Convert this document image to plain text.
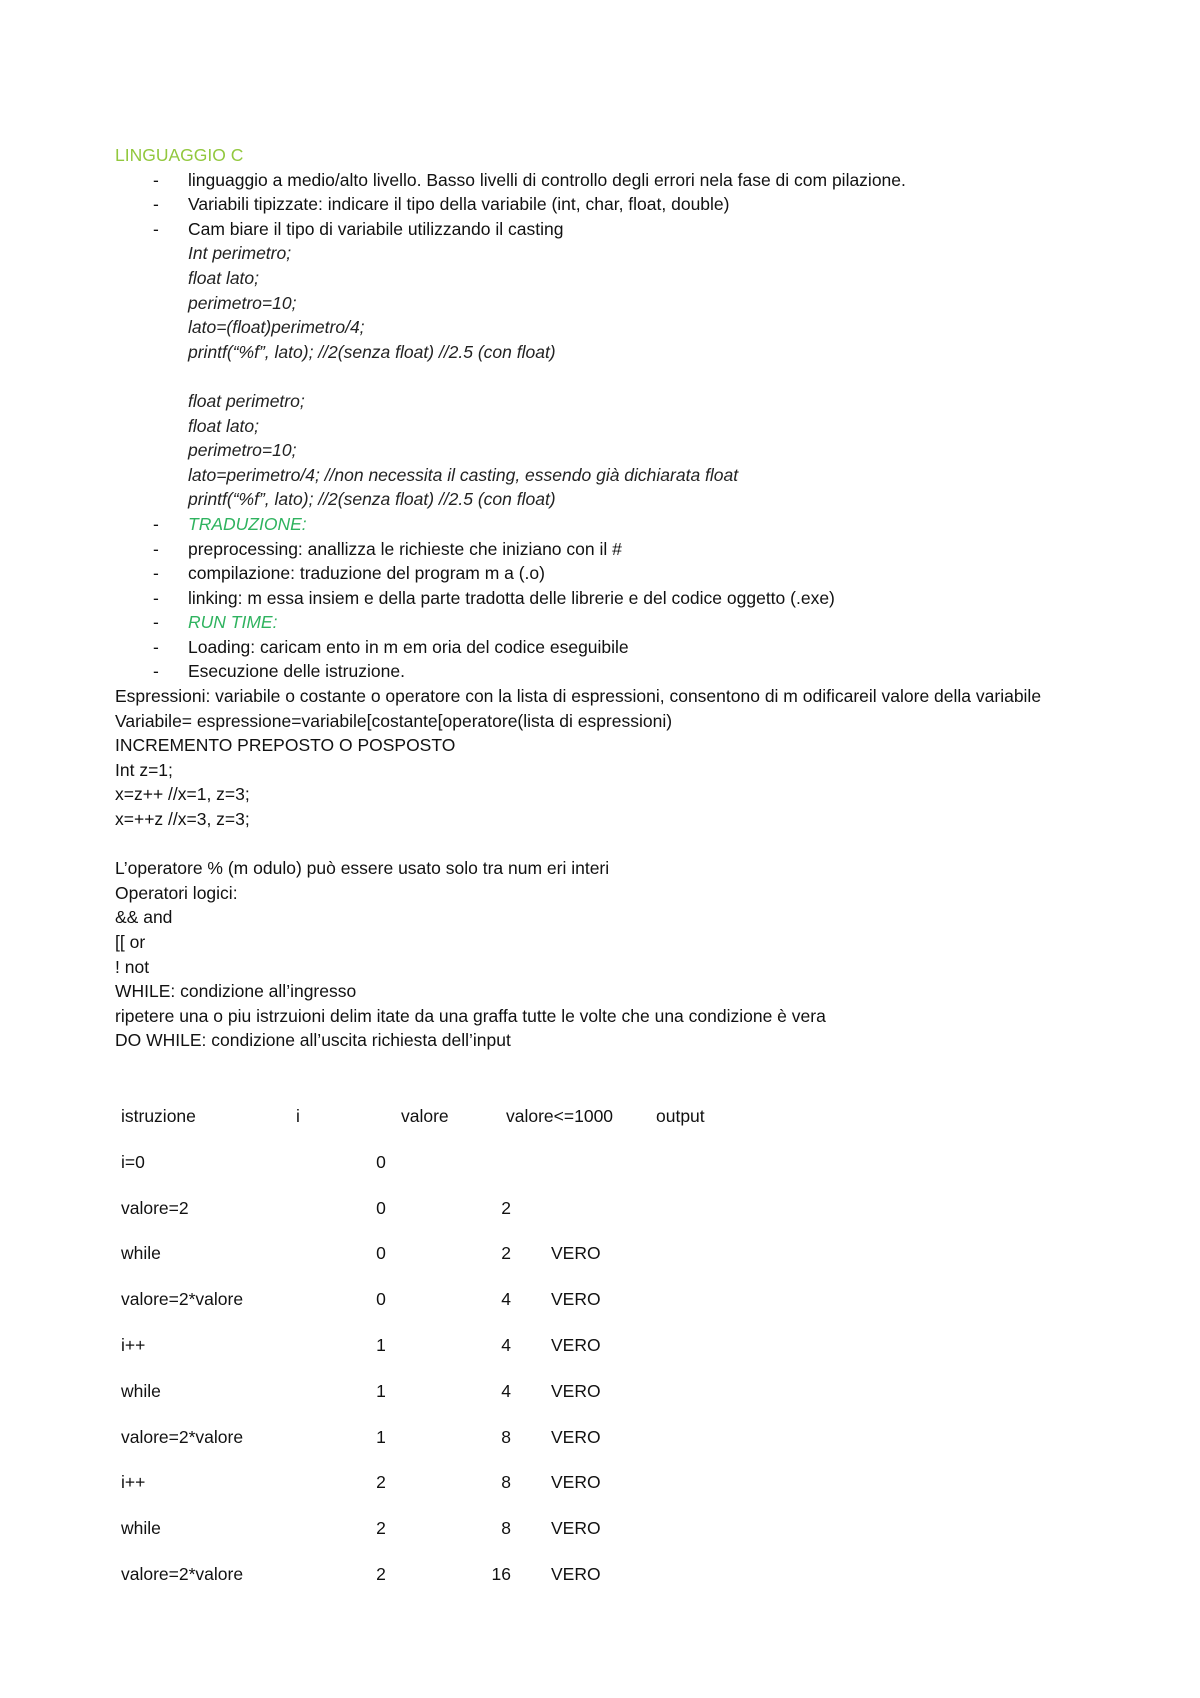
LINGUAGGIO C
- linguaggio a medio/alto livello. Basso livelli di controllo degli errori nela fase di com pilazione.
- Variabili tipizzate: indicare il tipo della variabile (int, char, float, double)
- Cam biare il tipo di variabile utilizzando il casting
Int perimetro;
float lato;
perimetro=10;
lato=(float)perimetro/4;
printf(“%f”, lato); //2(senza float) //2.5 (con float)
float perimetro;
float lato;
perimetro=10;
lato=perimetro/4; //non necessita il casting, essendo già dichiarata float
printf(“%f”, lato); //2(senza float) //2.5 (con float)
- TRADUZIONE:
- preprocessing: anallizza le richieste che iniziano con il #
- compilazione: traduzione del program m a (.o)
- linking: m essa insiem e della parte tradotta delle librerie e del codice oggetto (.exe)
- RUN TIME:
- Loading: caricam ento in m em oria del codice eseguibile
- Esecuzione delle istruzione.
Espressioni: variabile o costante o operatore con la lista di espressioni, consentono di m odificareil valore della variabile
Variabile= espressione=variabile[costante[operatore(lista di espressioni)
INCREMENTO PREPOSTO O POSPOSTO
Int z=1;
x=z++ //x=1, z=3;
x=++z //x=3, z=3;
L’operatore % (m odulo) può essere usato solo tra num eri interi
Operatori logici:
&& and
[[ or
! not
WHILE: condizione all’ingresso
ripetere una o piu istrzuioni delim itate da una graffa tutte le volte che una condizione è vera
DO WHILE: condizione all’uscita richiesta dell’input
istruzione	i	valore	valore<=1000 output
i=0	0
valore=2	0	2
while	0	2 VERO
valore=2*valore	0	4 VERO
i++	1	4 VERO
while	1	4 VERO
valore=2*valore	1	8 VERO
i++	2	8 VERO
while	2	8 VERO
valore=2*valore	2	16 VERO
